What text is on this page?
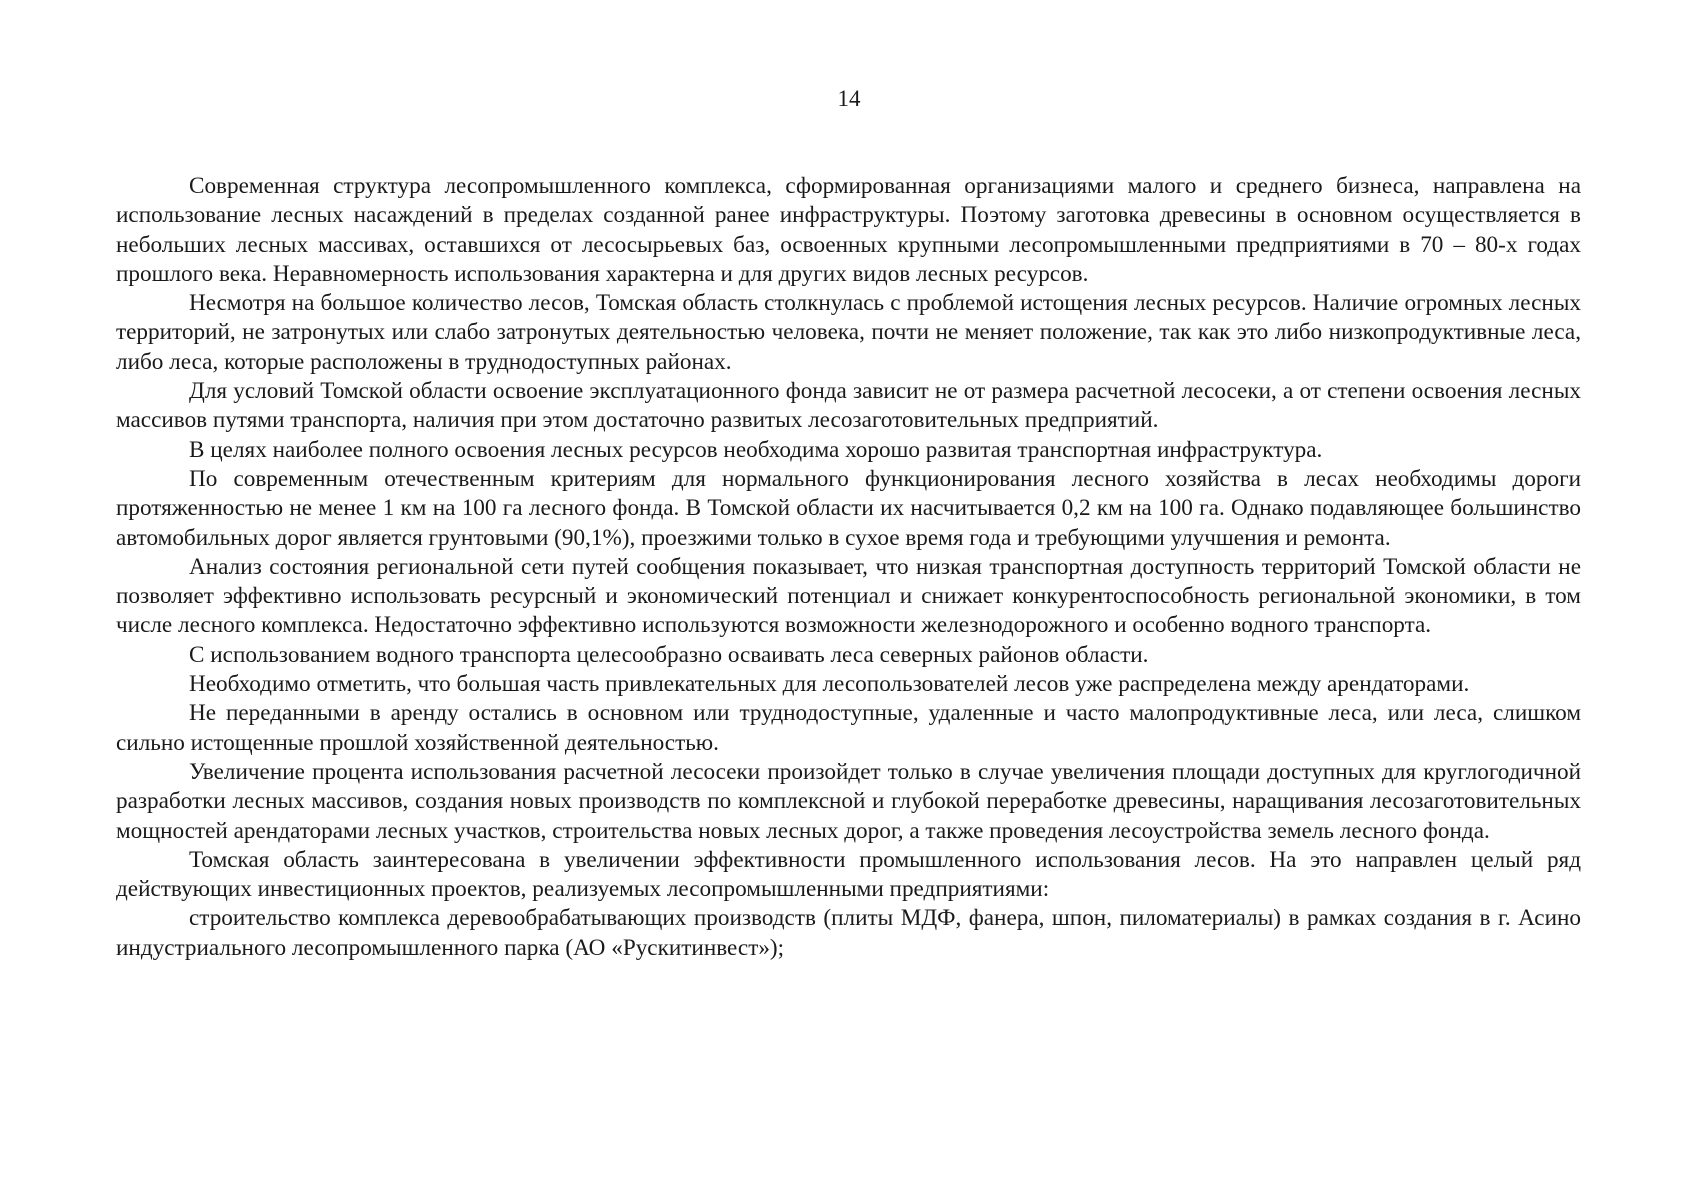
14

Современная структура лесопромышленного комплекса, сформированная организациями малого и среднего бизнеса, направлена на использование лесных насаждений в пределах созданной ранее инфраструктуры. Поэтому заготовка древесины в основном осуществляется в небольших лесных массивах, оставшихся от лесосырьевых баз, освоенных крупными лесопромышленными предприятиями в 70 – 80-х годах прошлого века. Неравномерность использования характерна и для других видов лесных ресурсов.

Несмотря на большое количество лесов, Томская область столкнулась с проблемой истощения лесных ресурсов. Наличие огромных лесных территорий, не затронутых или слабо затронутых деятельностью человека, почти не меняет положение, так как это либо низкопродуктивные леса, либо леса, которые расположены в труднодоступных районах.

Для условий Томской области освоение эксплуатационного фонда зависит не от размера расчетной лесосеки, а от степени освоения лесных массивов путями транспорта, наличия при этом достаточно развитых лесозаготовительных предприятий.

В целях наиболее полного освоения лесных ресурсов необходима хорошо развитая транспортная инфраструктура.

По современным отечественным критериям для нормального функционирования лесного хозяйства в лесах необходимы дороги протяженностью не менее 1 км на 100 га лесного фонда. В Томской области их насчитывается 0,2 км на 100 га. Однако подавляющее большинство автомобильных дорог является грунтовыми (90,1%), проезжими только в сухое время года и требующими улучшения и ремонта.

Анализ состояния региональной сети путей сообщения показывает, что низкая транспортная доступность территорий Томской области не позволяет эффективно использовать ресурсный и экономический потенциал и снижает конкурентоспособность региональной экономики, в том числе лесного комплекса. Недостаточно эффективно используются возможности железнодорожного и особенно водного транспорта.

С использованием водного транспорта целесообразно осваивать леса северных районов области.

Необходимо отметить, что большая часть привлекательных для лесопользователей лесов уже распределена между арендаторами.

Не переданными в аренду остались в основном или труднодоступные, удаленные и часто малопродуктивные леса, или леса, слишком сильно истощенные прошлой хозяйственной деятельностью.

Увеличение процента использования расчетной лесосеки произойдет только в случае увеличения площади доступных для круглогодичной разработки лесных массивов, создания новых производств по комплексной и глубокой переработке древесины, наращивания лесозаготовительных мощностей арендаторами лесных участков, строительства новых лесных дорог, а также проведения лесоустройства земель лесного фонда.

Томская область заинтересована в увеличении эффективности промышленного использования лесов. На это направлен целый ряд действующих инвестиционных проектов, реализуемых лесопромышленными предприятиями:

строительство комплекса деревообрабатывающих производств (плиты МДФ, фанера, шпон, пиломатериалы) в рамках создания в г. Асино индустриального лесопромышленного парка (АО «Рускитинвест»);
